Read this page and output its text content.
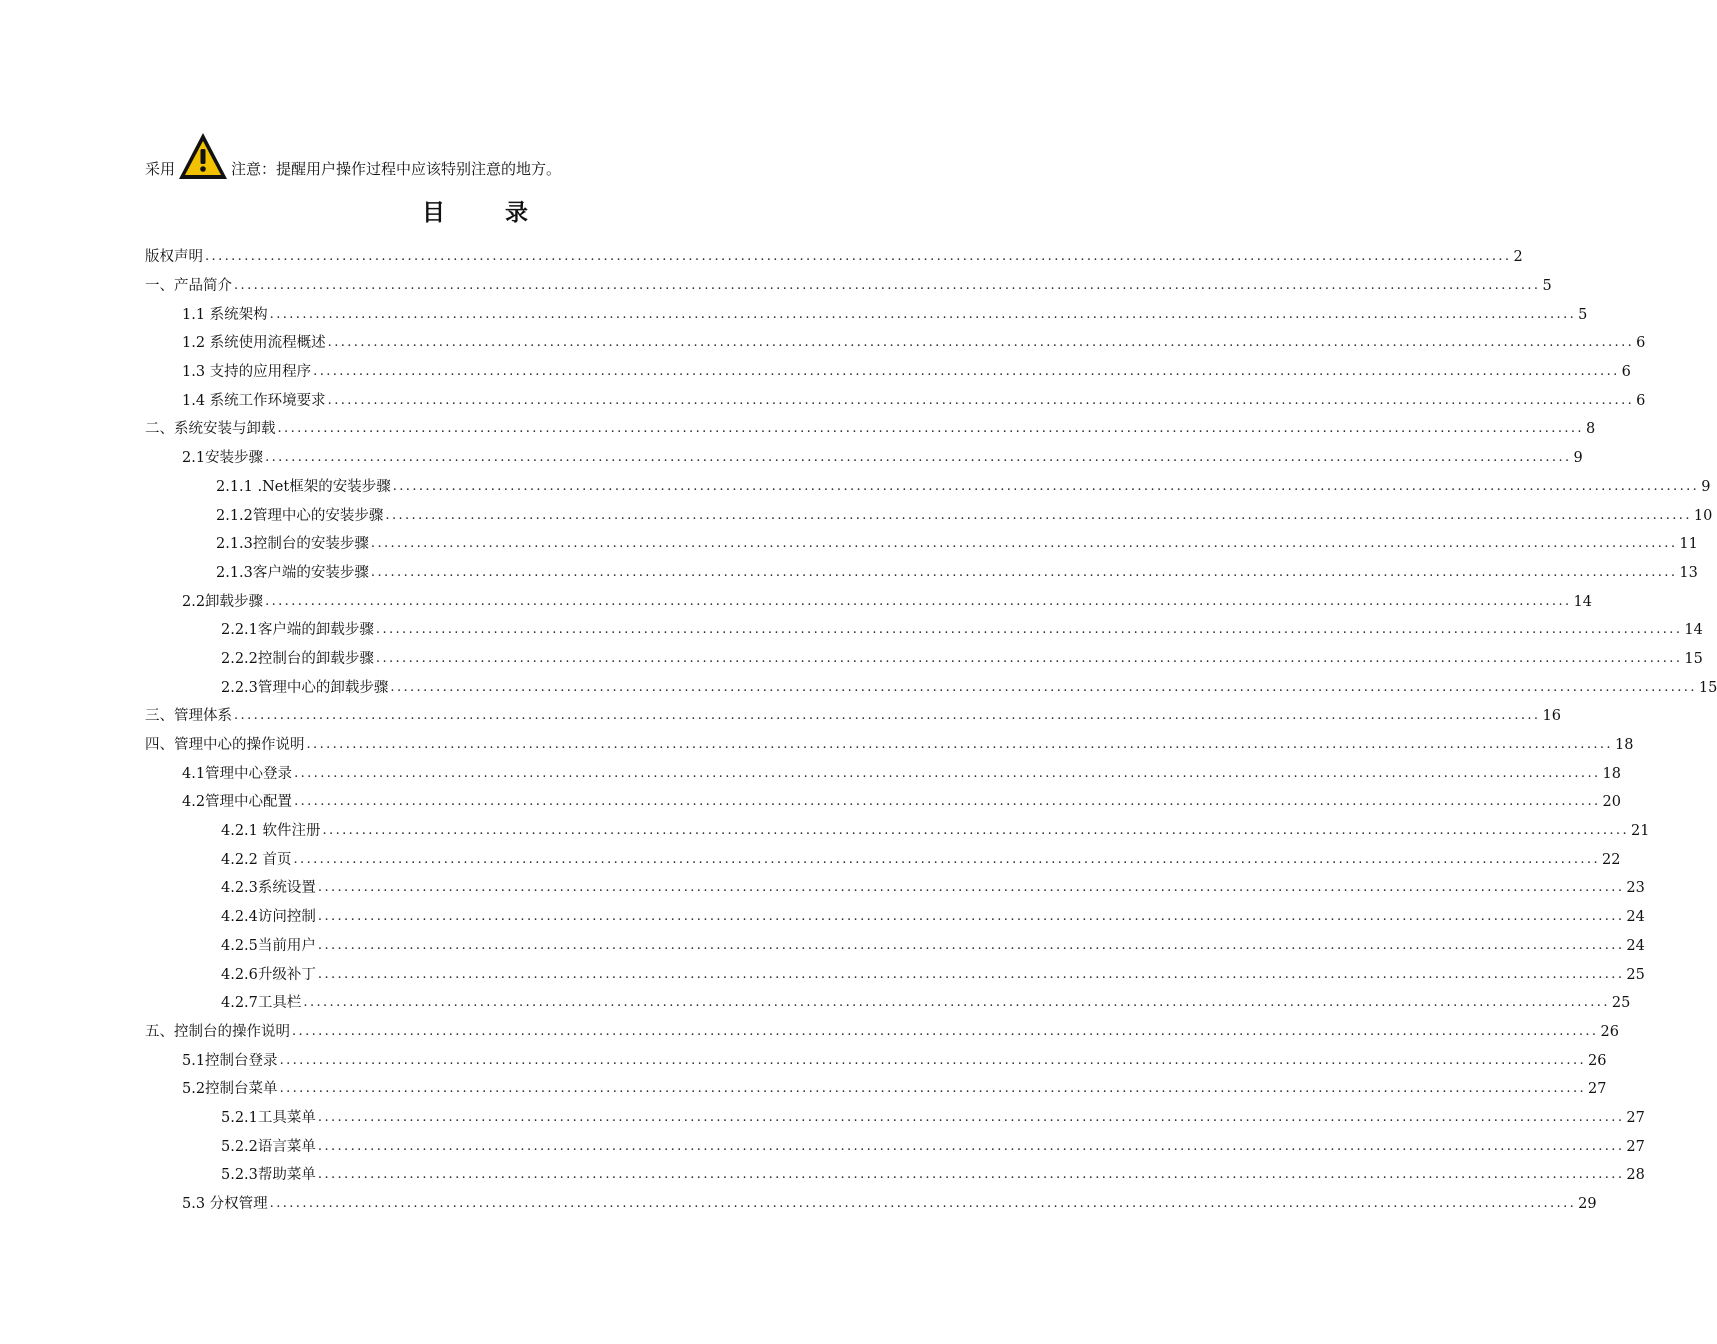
采用	注意：提醒用户操作过程中应该特别注意的地方。
目 录
版权声明 ........................................................................................................................................................................................................ 2
一、产品简介 ........................................................................................................................................................................................................ 5
1.1 系统架构 ........................................................................................................................................................................................................ 5
1.2 系统使用流程概述 ........................................................................................................................................................................................................ 6
1.3 支持的应用程序 ........................................................................................................................................................................................................ 6
1.4 系统工作环境要求 ........................................................................................................................................................................................................ 6
二、系统安装与卸载 ........................................................................................................................................................................................................ 8
2.1安装步骤 ........................................................................................................................................................................................................ 9
2.1.1 .Net框架的安装步骤 ........................................................................................................................................................................................................ 9
2.1.2管理中心的安装步骤 ........................................................................................................................................................................................................ 10
2.1.3控制台的安装步骤 ........................................................................................................................................................................................................ 11
2.1.3客户端的安装步骤 ........................................................................................................................................................................................................ 13
2.2卸载步骤 ........................................................................................................................................................................................................ 14
2.2.1客户端的卸载步骤 ........................................................................................................................................................................................................ 14
2.2.2控制台的卸载步骤 ........................................................................................................................................................................................................ 15
2.2.3管理中心的卸载步骤 ........................................................................................................................................................................................................ 15
三、管理体系 ........................................................................................................................................................................................................ 16
四、管理中心的操作说明 ........................................................................................................................................................................................................ 18
4.1管理中心登录 ........................................................................................................................................................................................................ 18
4.2管理中心配置 ........................................................................................................................................................................................................ 20
4.2.1 软件注册 ........................................................................................................................................................................................................ 21
4.2.2 首页 ........................................................................................................................................................................................................ 22
4.2.3系统设置 ........................................................................................................................................................................................................ 23
4.2.4访问控制 ........................................................................................................................................................................................................ 24
4.2.5当前用户 ........................................................................................................................................................................................................ 24
4.2.6升级补丁 ........................................................................................................................................................................................................ 25
4.2.7工具栏 ........................................................................................................................................................................................................ 25
五、控制台的操作说明 ........................................................................................................................................................................................................ 26
5.1控制台登录 ........................................................................................................................................................................................................ 26
5.2控制台菜单 ........................................................................................................................................................................................................ 27
5.2.1工具菜单 ........................................................................................................................................................................................................ 27
5.2.2语言菜单 ........................................................................................................................................................................................................ 27
5.2.3帮助菜单 ........................................................................................................................................................................................................ 28
5.3 分权管理 ........................................................................................................................................................................................................ 29
